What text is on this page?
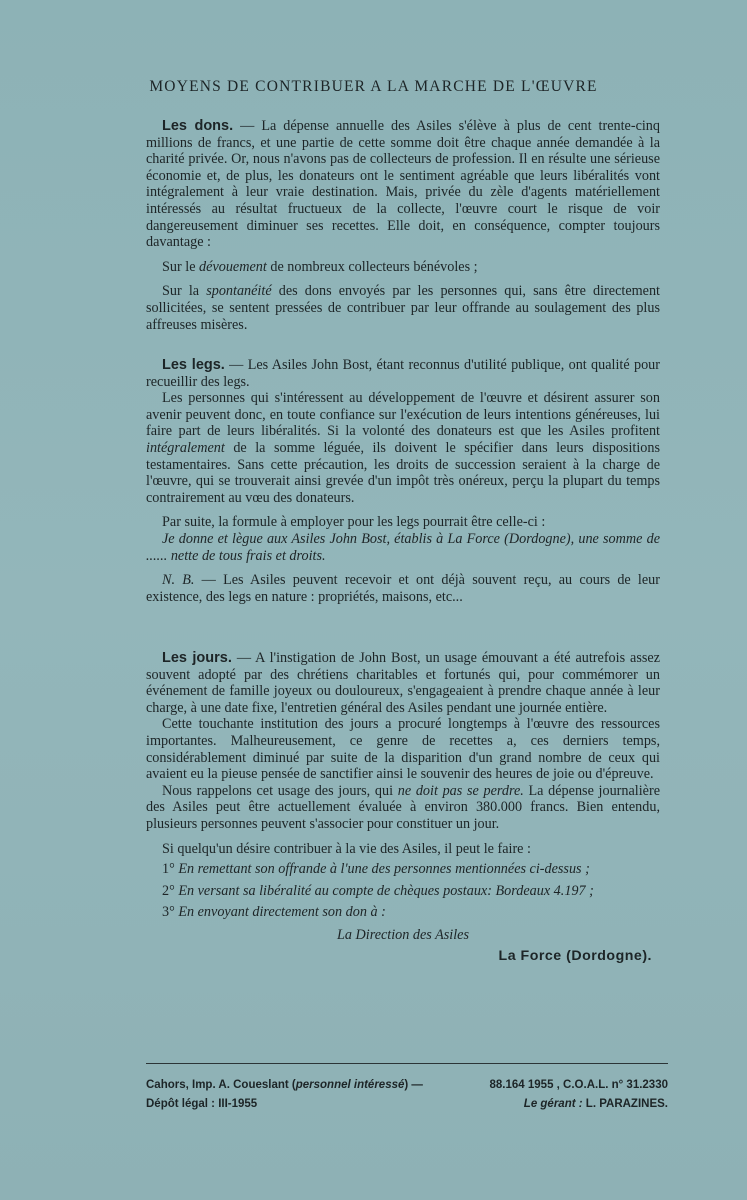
MOYENS DE CONTRIBUER A LA MARCHE DE L'ŒUVRE

Les dons. — La dépense annuelle des Asiles s'élève à plus de cent trente-cinq millions de francs, et une partie de cette somme doit être chaque année demandée à la charité privée. Or, nous n'avons pas de collecteurs de profession. Il en résulte une sérieuse économie et, de plus, les donateurs ont le sentiment agréable que leurs libéralités vont intégralement à leur vraie destination. Mais, privée du zèle d'agents matériellement intéressés au résultat fructueux de la collecte, l'œuvre court le risque de voir dangereusement diminuer ses recettes. Elle doit, en conséquence, compter toujours davantage :

Sur le dévouement de nombreux collecteurs bénévoles ;

Sur la spontanéité des dons envoyés par les personnes qui, sans être directement sollicitées, se sentent pressées de contribuer par leur offrande au soulagement des plus affreuses misères.

Les legs. — Les Asiles John Bost, étant reconnus d'utilité publique, ont qualité pour recueillir des legs.

Les personnes qui s'intéressent au développement de l'œuvre et désirent assurer son avenir peuvent donc, en toute confiance sur l'exécution de leurs intentions généreuses, lui faire part de leurs libéralités. Si la volonté des donateurs est que les Asiles profitent intégralement de la somme léguée, ils doivent le spécifier dans leurs dispositions testamentaires. Sans cette précaution, les droits de succession seraient à la charge de l'œuvre, qui se trouverait ainsi grevée d'un impôt très onéreux, perçu la plupart du temps contrairement au vœu des donateurs.

Par suite, la formule à employer pour les legs pourrait être celle-ci :

Je donne et lègue aux Asiles John Bost, établis à La Force (Dordogne), une somme de ...... nette de tous frais et droits.

N. B. — Les Asiles peuvent recevoir et ont déjà souvent reçu, au cours de leur existence, des legs en nature : propriétés, maisons, etc...

Les jours. — A l'instigation de John Bost, un usage émouvant a été autrefois assez souvent adopté par des chrétiens charitables et fortunés qui, pour commémorer un événement de famille joyeux ou douloureux, s'engageaient à prendre chaque année à leur charge, à une date fixe, l'entretien général des Asiles pendant une journée entière.

Cette touchante institution des jours a procuré longtemps à l'œuvre des ressources importantes. Malheureusement, ce genre de recettes a, ces derniers temps, considérablement diminué par suite de la disparition d'un grand nombre de ceux qui avaient eu la pieuse pensée de sanctifier ainsi le souvenir des heures de joie ou d'épreuve.

Nous rappelons cet usage des jours, qui ne doit pas se perdre. La dépense journalière des Asiles peut être actuellement évaluée à environ 380.000 francs. Bien entendu, plusieurs personnes peuvent s'associer pour constituer un jour.

Si quelqu'un désire contribuer à la vie des Asiles, il peut le faire :

1° En remettant son offrande à l'une des personnes mentionnées ci-dessus ;

2° En versant sa libéralité au compte de chèques postaux: Bordeaux 4.197 ;

3° En envoyant directement son don à :

La Direction des Asiles
La Force (Dordogne).
Cahors, Imp. A. Coueslant (personnel intéressé) —	88.164 1955 , C.O.A.L. n° 31.2330
Dépôt légal : III-1955	Le gérant : L. PARAZINES.
